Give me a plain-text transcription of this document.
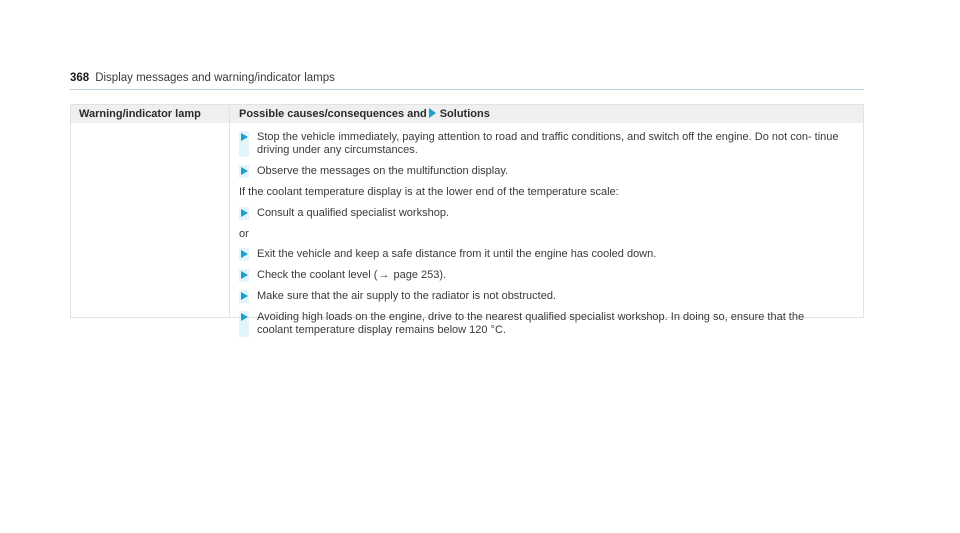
368 Display messages and warning/indicator lamps
Warning/indicator lamp	Possible causes/consequences and Solutions
Stop the vehicle immediately, paying attention to road and traffic conditions, and switch off the engine. Do not con- tinue driving under any circumstances.
Observe the messages on the multifunction display.
If the coolant temperature display is at the lower end of the temperature scale:
Consult a qualified specialist workshop.
or
Exit the vehicle and keep a safe distance from it until the engine has cooled down.
Check the coolant level (→ page 253).
Make sure that the air supply to the radiator is not obstructed.
Avoiding high loads on the engine, drive to the nearest qualified specialist workshop. In doing so, ensure that the
coolant temperature display remains below 120 °C.
